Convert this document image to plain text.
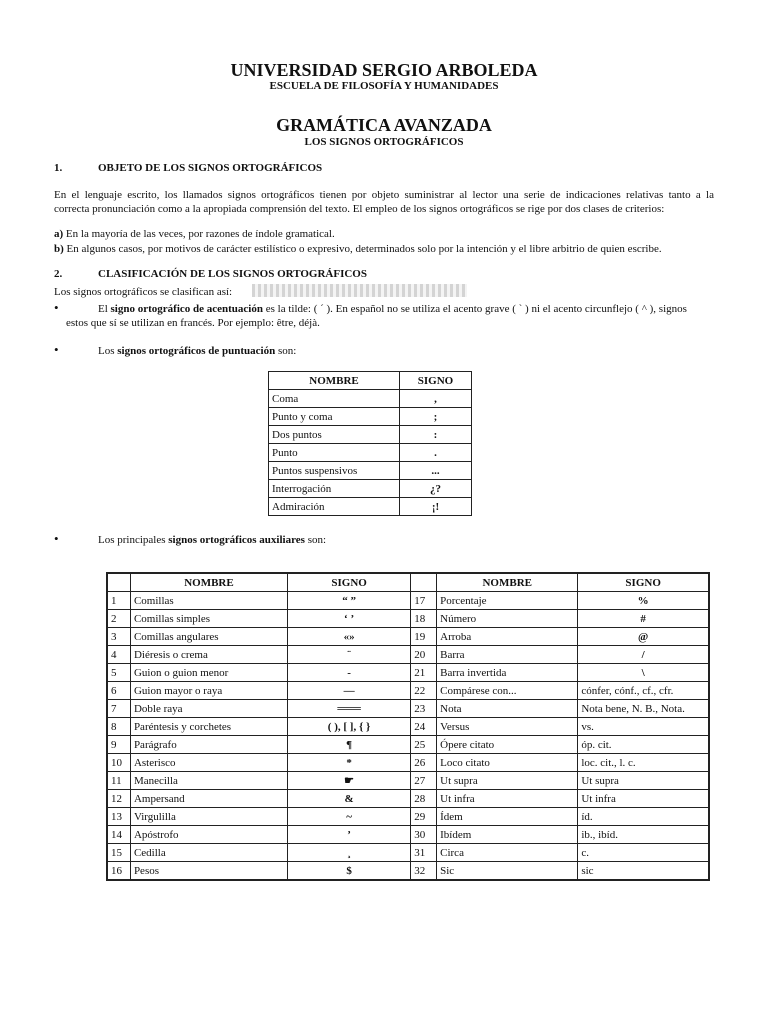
UNIVERSIDAD SERGIO ARBOLEDA
ESCUELA DE FILOSOFÍA Y HUMANIDADES
GRAMÁTICA AVANZADA
LOS SIGNOS ORTOGRÁFICOS
1.	OBJETO DE LOS SIGNOS ORTOGRÁFICOS
En el lenguaje escrito, los llamados signos ortográficos tienen por objeto suministrar al lector una serie de indicaciones relativas tanto a la
correcta pronunciación como a la apropiada comprensión del texto. El empleo de los signos ortográficos se rige por dos clases de criterios:
a) En la mayoría de las veces, por razones de índole gramatical.
b) En algunos casos, por motivos de carácter estilístico o expresivo, determinados solo por la intención y el libre arbitrio de quien escribe.
2.	CLASIFICACIÓN DE LOS SIGNOS ORTOGRÁFICOS
Los signos ortográficos se clasifican así:
•	El signo ortográfico de acentuación es la tilde: ( ´ ). En español no se utiliza el acento grave ( ` ) ni el acento circunflejo ( ^ ), signos
estos que sí se utilizan en francés. Por ejemplo: être, déjà.
•	Los signos ortográficos de puntuación son:
NOMBRE	SIGNO
Coma	,
Punto y coma	;
Dos puntos	:
Punto	.
Puntos suspensivos	...
Interrogación	¿?
Admiración	¡!
•	Los principales signos ortográficos auxiliares son:
	NOMBRE	SIGNO		NOMBRE	SIGNO
1	Comillas	“ ”	17	Porcentaje	%
2	Comillas simples	‘ ’	18	Número	#
3	Comillas angulares	«»	19	Arroba	@
4	Diéresis o crema	¨	20	Barra	/
5	Guion o guion menor	-	21	Barra invertida	\
6	Guion mayor o raya	—	22	Compárese con...	cónfer, cónf., cf., cfr.
7	Doble raya	═══	23	Nota	Nota bene, N. B., Nota.
8	Paréntesis y corchetes	( ), [ ], { }	24	Versus	vs.
9	Parágrafo	¶	25	Ópere citato	óp. cit.
10	Asterisco	*	26	Loco citato	loc. cit., l. c.
11	Manecilla	☛	27	Ut supra	Ut supra
12	Ampersand	&	28	Ut infra	Ut infra
13	Virgulilla	~	29	Ídem	íd.
14	Apóstrofo	’	30	Ibídem	ib., ibíd.
15	Cedilla	¸	31	Circa	c.
16	Pesos	$	32	Sic	sic
